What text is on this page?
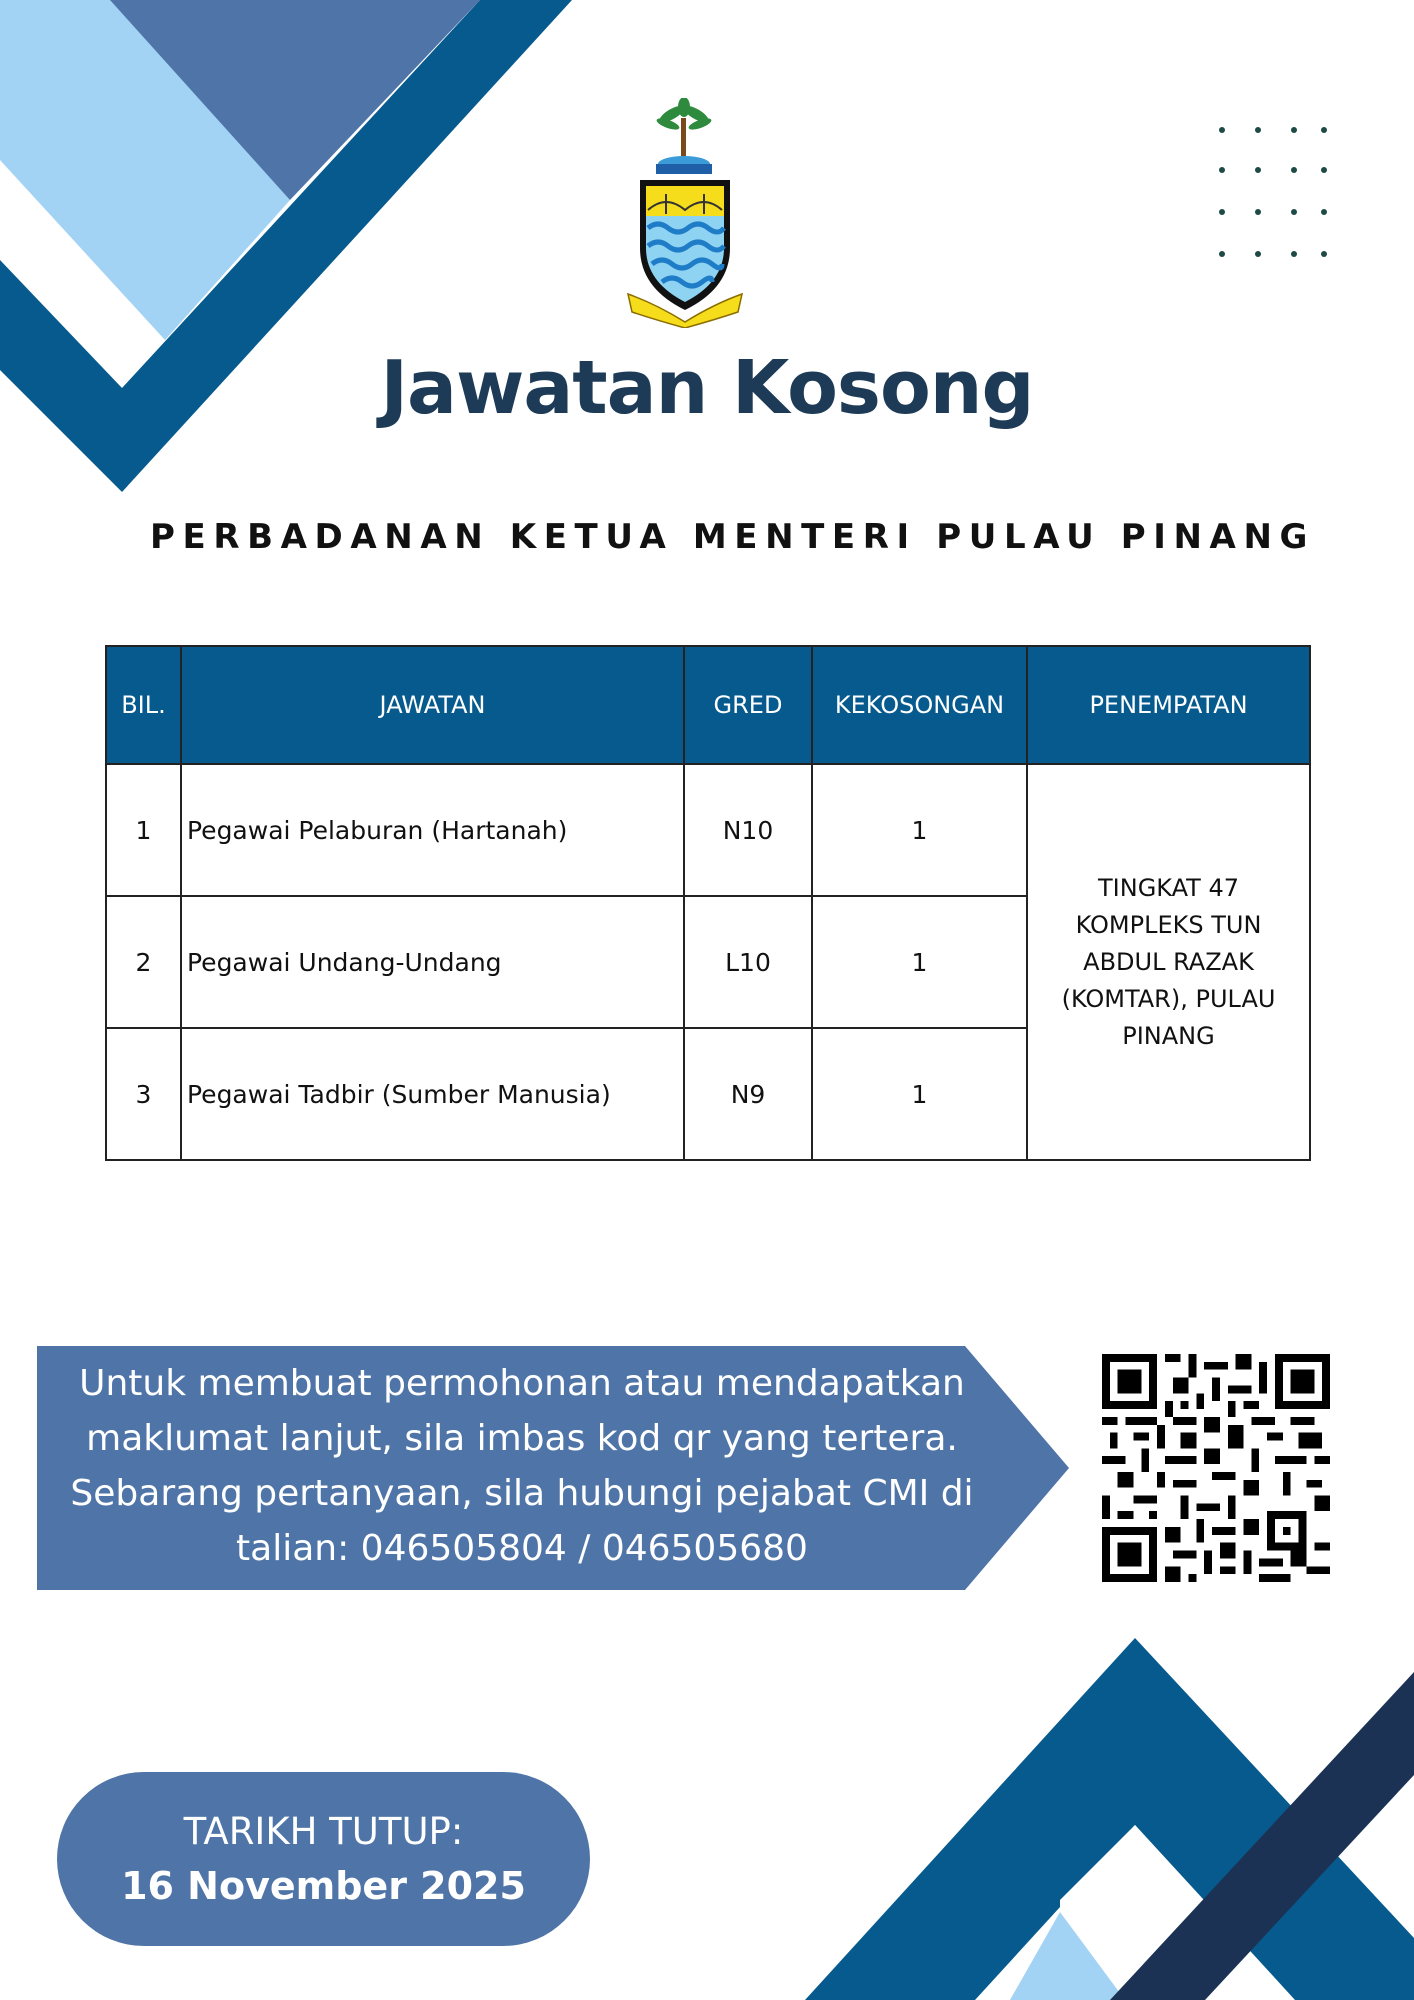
Jawatan Kosong
PERBADANAN KETUA MENTERI PULAU PINANG
BIL.	JAWATAN	GRED	KEKOSONGAN	PENEMPATAN
1	Pegawai Pelaburan (Hartanah)	N10	1	TINGKAT 47
KOMPLEKS TUN
ABDUL RAZAK
(KOMTAR), PULAU
PINANG

2	Pegawai Undang-Undang	L10	1	
3	Pegawai Tadbir (Sumber Manusia)	N9	1	
Untuk membuat permohonan atau mendapatkan
maklumat lanjut, sila imbas kod qr yang tertera.
Sebarang pertanyaan, sila hubungi pejabat CMI di
talian: 046505804 / 046505680
TARIKH TUTUP:
16 November 2025
